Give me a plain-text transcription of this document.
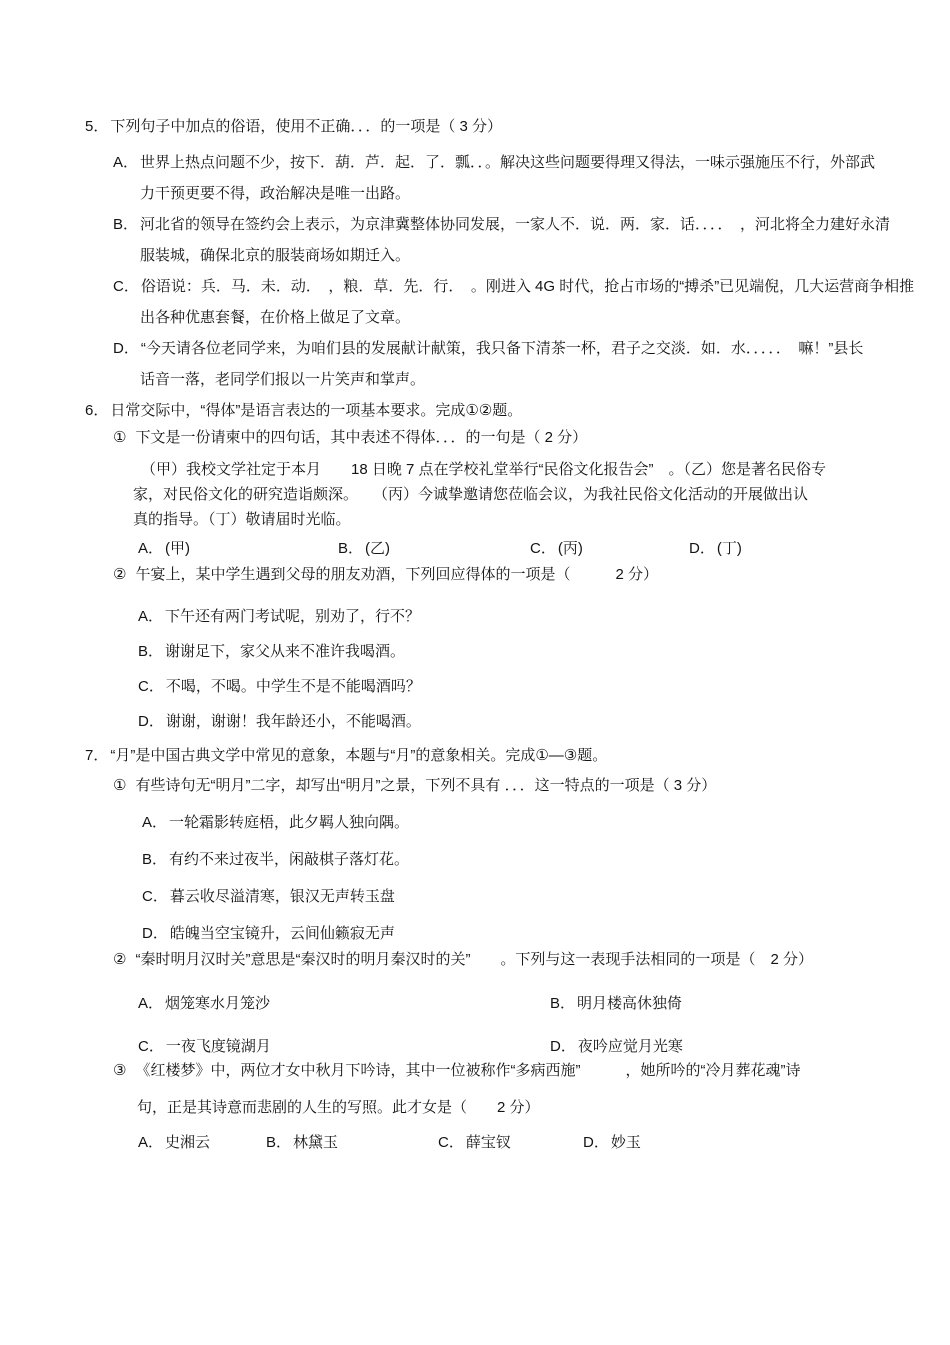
5． 下列句子中加点的俗语，使用不正确．．．的一项是（ 3 分）

A． 世界上热点问题不少，按下．葫．芦．起．了．瓢．．。解决这些问题要得理又得法，一味示强施压不行，外部武

力干预更要不得，政治解决是唯一出路。

B． 河北省的领导在签约会上表示，为京津冀整体协同发展，一家人不．说．两．家．话．．．．　，河北将全力建好永清

服装城，确保北京的服装商场如期迁入。

C． 俗语说：兵．马．未．动．　，粮．草．先．行．　。刚进入 4G 时代，抢占市场的“搏杀”已见端倪，几大运营商争相推

出各种优惠套餐，在价格上做足了文章。

D． “今天请各位老同学来，为咱们县的发展献计献策，我只备下清茶一杯，君子之交淡．如．水．．．．．　嘛！”县长

话音一落，老同学们报以一片笑声和掌声。

6． 日常交际中，“得体”是语言表达的一项基本要求。完成①②题。

① 下文是一份请柬中的四句话，其中表述不得体．．．的一句是（ 2 分）

（甲）我校文学社定于本月　　18 日晚 7 点在学校礼堂举行“民俗文化报告会”　。（乙）您是著名民俗专

家，对民俗文化的研究造诣颇深。　　（丙）今诚挚邀请您莅临会议，为我社民俗文化活动的开展做出认

真的指导。（丁）敬请届时光临。

A． (甲)	B． (乙)	C． (丙)	D． (丁)

② 午宴上，某中学生遇到父母的朋友劝酒，下列回应得体的一项是（　　　2 分）

A． 下午还有两门考试呢，别劝了，行不？

B． 谢谢足下，家父从来不准许我喝酒。

C． 不喝，不喝。中学生不是不能喝酒吗？

D． 谢谢，谢谢！我年龄还小，不能喝酒。

7． “月”是中国古典文学中常见的意象，本题与“月”的意象相关。完成①—③题。

① 有些诗句无“明月”二字，却写出“明月”之景，下列不具有 ．．．这一特点的一项是（ 3 分）

A． 一轮霜影转庭梧，此夕羁人独向隅。

B． 有约不来过夜半，闲敲棋子落灯花。

C． 暮云收尽溢清寒，银汉无声转玉盘

D． 皓魄当空宝镜升，云间仙籁寂无声

② “秦时明月汉时关”意思是“秦汉时的明月秦汉时的关”　　。下列与这一表现手法相同的一项是（　2 分）

A． 烟笼寒水月笼沙	B． 明月楼高休独倚
C． 一夜飞度镜湖月	D． 夜吟应觉月光寒

③ 《红楼梦》中，两位才女中秋月下吟诗，其中一位被称作“多病西施”　　　，她所吟的“冷月葬花魂”诗

句，正是其诗意而悲剧的人生的写照。此才女是（　　2 分）

A． 史湘云	B． 林黛玉	C． 薛宝钗	D． 妙玉
